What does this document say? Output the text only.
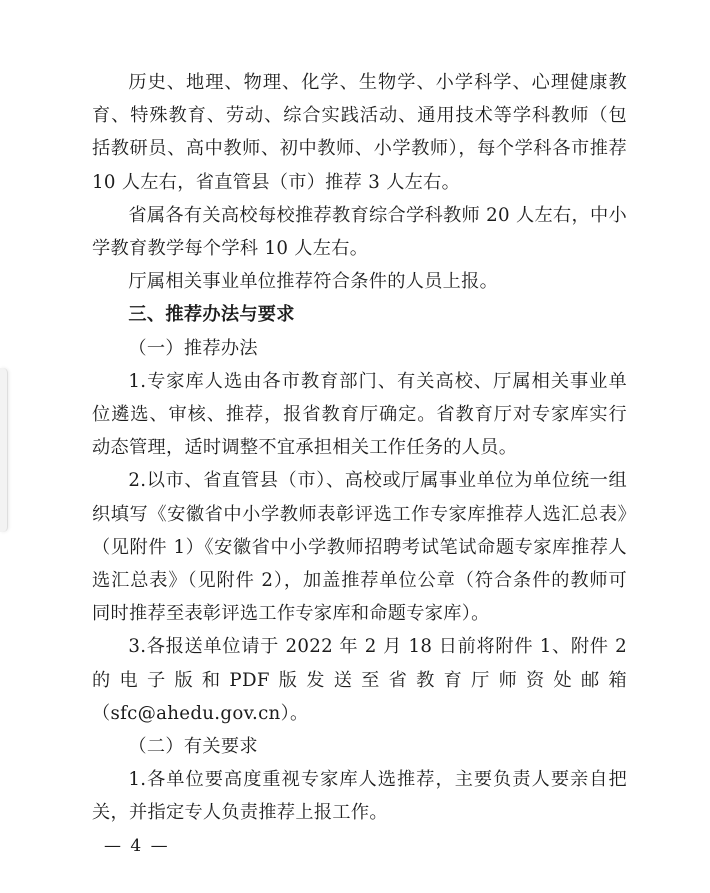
历史、地理、物理、化学、生物学、小学科学、心理健康教育、特殊教育、劳动、综合实践活动、通用技术等学科教师（包括教研员、高中教师、初中教师、小学教师），每个学科各市推荐 10 人左右，省直管县（市）推荐 3 人左右。

省属各有关高校每校推荐教育综合学科教师 20 人左右，中小学教育教学每个学科 10 人左右。

厅属相关事业单位推荐符合条件的人员上报。

三、推荐办法与要求

（一）推荐办法

1.专家库人选由各市教育部门、有关高校、厅属相关事业单位遴选、审核、推荐，报省教育厅确定。省教育厅对专家库实行动态管理，适时调整不宜承担相关工作任务的人员。

2.以市、省直管县（市）、高校或厅属事业单位为单位统一组织填写《安徽省中小学教师表彰评选工作专家库推荐人选汇总表》（见附件 1）《安徽省中小学教师招聘考试笔试命题专家库推荐人选汇总表》（见附件 2），加盖推荐单位公章（符合条件的教师可同时推荐至表彰评选工作专家库和命题专家库）。

3.各报送单位请于 2022 年 2 月 18 日前将附件 1、附件 2 的电子版和PDF版发送至省教育厅师资处邮箱（sfc@ahedu.gov.cn）。

（二）有关要求

1.各单位要高度重视专家库人选推荐，主要负责人要亲自把关，并指定专人负责推荐上报工作。

— 4 —
